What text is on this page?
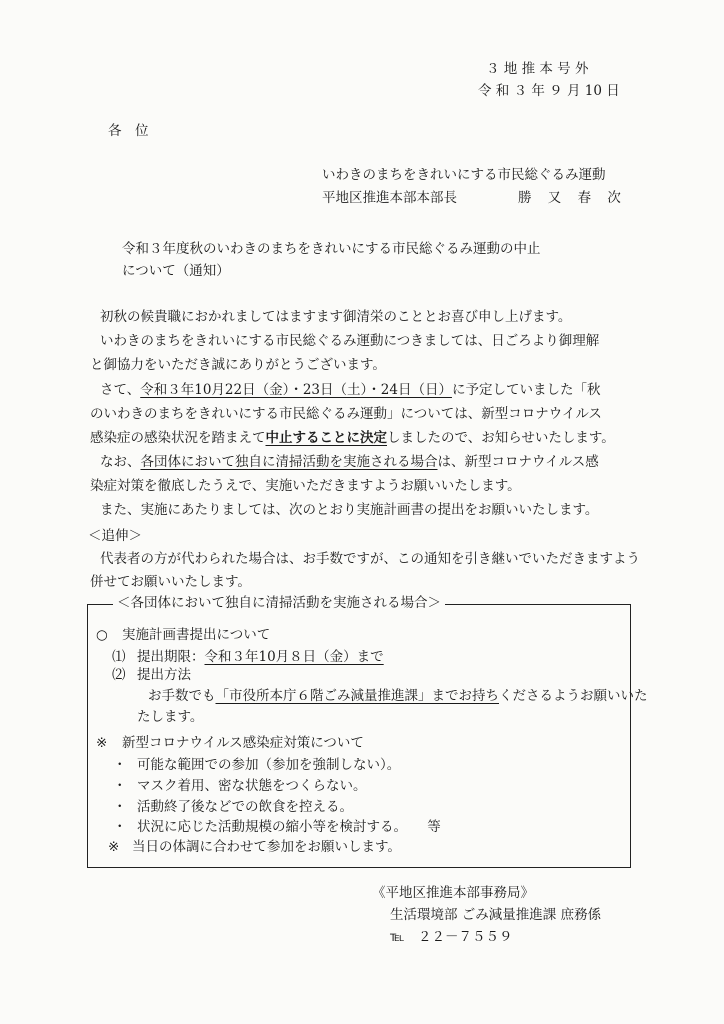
３ 地 推 本 号 外
令 和 ３ 年 ９ 月 10 日
各　位
いわきのまちをきれいにする市民総ぐるみ運動
平地区推進本部本部長	勝 又 春 次
令和３年度秋のいわきのまちをきれいにする市民総ぐるみ運動の中止
について（通知）
初秋の候貴職におかれましてはますます御清栄のこととお喜び申し上げます。
いわきのまちをきれいにする市民総ぐるみ運動につきましては、日ごろより御理解
と御協力をいただき誠にありがとうございます。
さて、令和３年10月22日（金）・23日（土）・24日（日）に予定していました「秋
のいわきのまちをきれいにする市民総ぐるみ運動」については、新型コロナウイルス
感染症の感染状況を踏まえて中止することに決定しましたので、お知らせいたします。
なお、各団体において独自に清掃活動を実施される場合は、新型コロナウイルス感
染症対策を徹底したうえで、実施いただきますようお願いいたします。
また、実施にあたりましては、次のとおり実施計画書の提出をお願いいたします。
＜追伸＞
代表者の方が代わられた場合は、お手数ですが、この通知を引き継いでいただきますよう
併せてお願いいたします。
＜各団体において独自に清掃活動を実施される場合＞
○ 実施計画書提出について
⑴ 提出期限：令和３年10月８日（金）まで
⑵ 提出方法
お手数でも「市役所本庁６階ごみ減量推進課」までお持ちくださるようお願いいた
たします。
※ 新型コロナウイルス感染症対策について
・ 可能な範囲での参加（参加を強制しない）。
・ マスク着用、密な状態をつくらない。
・ 活動終了後などでの飲食を控える。
・ 状況に応じた活動規模の縮小等を検討する。　　等
※
《平地区推進本部事務局》
生活環境部 ごみ減量推進課 庶務係
℡　２２－７５５９
当日の体調に合わせて参加をお願いします。
